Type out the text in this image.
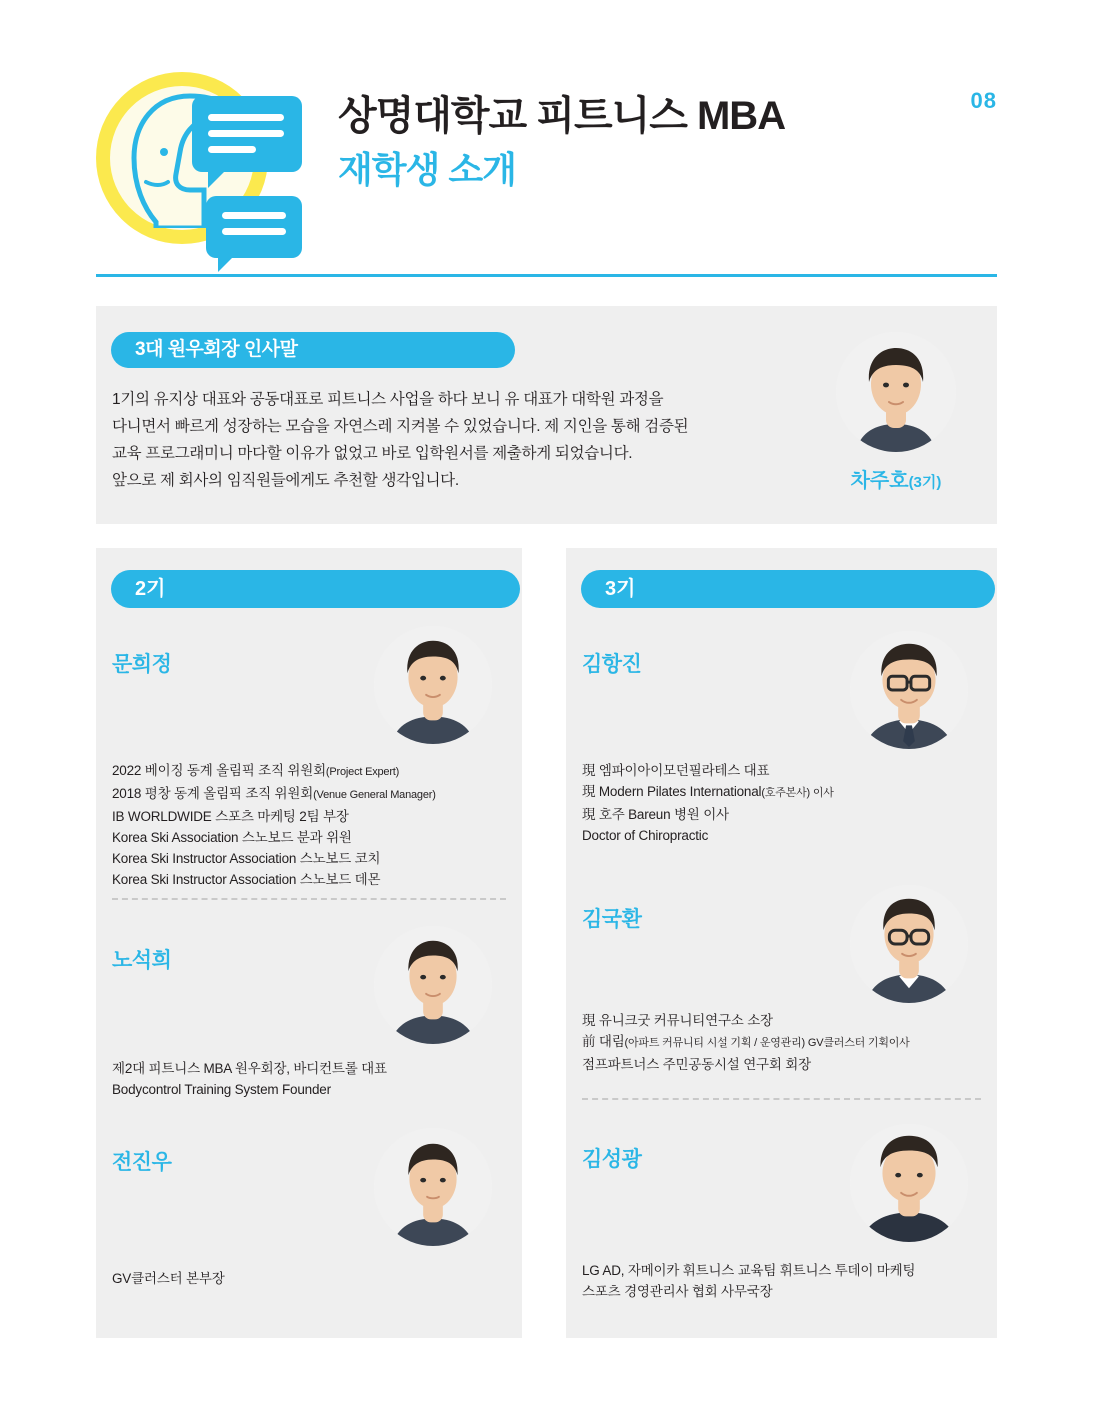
상명대학교 피트니스 MBA
재학생 소개
08
3대 원우회장 인사말
1기의 유지상 대표와 공동대표로 피트니스 사업을 하다 보니 유 대표가 대학원 과정을
다니면서 빠르게 성장하는 모습을 자연스레 지켜볼 수 있었습니다. 제 지인을 통해 검증된
교육 프로그래미니 마다할 이유가 없었고 바로 입학원서를 제출하게 되었습니다.
앞으로 제 회사의 임직원들에게도 추천할 생각입니다.	차주호(3기)
2기
문희정
2022 베이징 동계 올림픽 조직 위원회(Project Expert)
2018 평창 동계 올림픽 조직 위원회(Venue General Manager)
IB WORLDWIDE 스포츠 마케팅 2팀 부장
Korea Ski Association 스노보드 분과 위원
Korea Ski Instructor Association 스노보드 코치
Korea Ski Instructor Association 스노보드 데몬
노석희
제2대 피트니스 MBA 원우회장, 바디컨트롤 대표
Bodycontrol Training System Founder
전진우
GV클러스터 본부장
3기
김항진
現 엠파이아이모던필라테스 대표
現 Modern Pilates International(호주본사) 이사
現 호주 Bareun 병원 이사
Doctor of Chiropractic
김국환
現 유니크굿 커뮤니티연구소 소장
前 대림(아파트 커뮤니티 시설 기획 / 운영관리) GV클러스터 기획이사
점프파트너스 주민공동시설 연구회 회장
김성광
LG AD, 자메이카 휘트니스 교육팀 휘트니스 투데이 마케팅
스포츠 경영관리사 협회 사무국장
